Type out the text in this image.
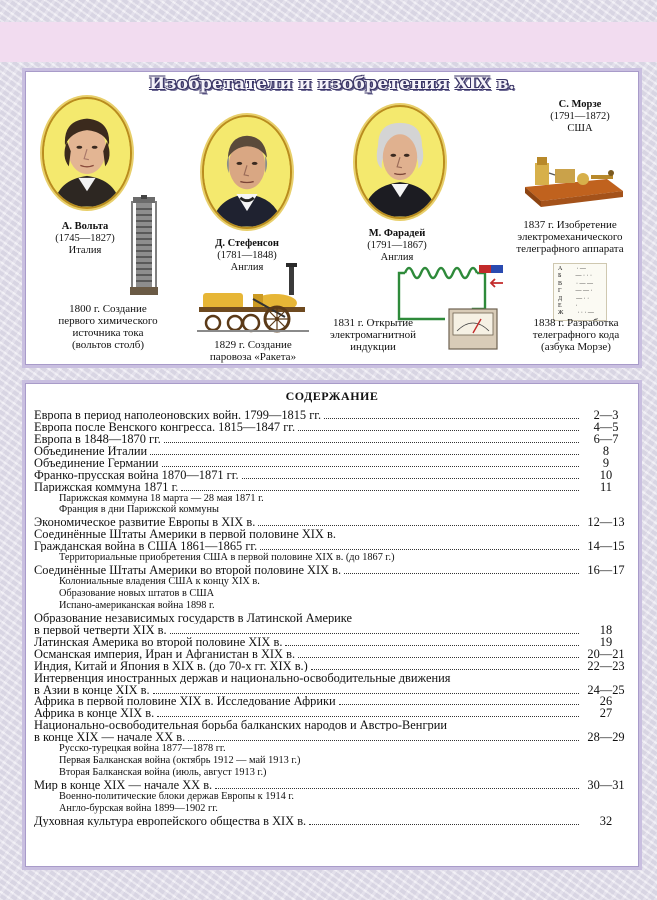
Изобретатели и изобретения XIX в.
А. Вольта
(1745—1827)
Италия
1800 г. Создание
первого химического
источника тока
(вольтов столб)
Д. Стефенсон
(1781—1848)
Англия
1829 г. Создание
паровоза «Ракета»
М. Фарадей
(1791—1867)
Англия
1831 г. Открытие
электромагнитной
индукции
С. Морзе
(1791—1872)
США
1837 г. Изобретение
электромеханического
телеграфного аппарата
А · —
Б — · · ·
В · — —
Г — — ·
Д — · ·
Е ·
Ж · · · —
1838 г. Разработка
телеграфного кода
(азбука Морзе)
СОДЕРЖАНИЕ
Европа в период наполеоновских войн. 1799—1815 гг.	2—3
Европа после Венского конгресса. 1815—1847 гг.	4—5
Европа в 1848—1870 гг.	6—7
Объединение Италии	8
Объединение Германии	9
Франко-прусская война 1870—1871 гг.	10
Парижская коммуна 1871 г.	11
Парижская коммуна 18 марта — 28 мая 1871 г.
Франция в дни Парижской коммуны
Экономическое развитие Европы в XIX в.	12—13
Соединённые Штаты Америки в первой половине XIX в.
Гражданская война в США 1861—1865 гг.	14—15
Территориальные приобретения США в первой половине XIX в. (до 1867 г.)
Соединённые Штаты Америки во второй половине XIX в.	16—17
Колониальные владения США к концу XIX в.
Образование новых штатов в США
Испано-американская война 1898 г.
Образование независимых государств в Латинской Америке
в первой четверти XIX в.	18
Латинская Америка во второй половине XIX в.	19
Османская империя, Иран и Афганистан в XIX в.	20—21
Индия, Китай и Япония в XIX в. (до 70-х гг. XIX в.)	22—23
Интервенция иностранных держав и национально-освободительные движения
в Азии в конце XIX в.	24—25
Африка в первой половине XIX в. Исследование Африки	26
Африка в конце XIX в.	27
Национально-освободительная борьба балканских народов и Австро-Венгрии
в конце XIX — начале XX в.	28—29
Русско-турецкая война 1877—1878 гг.
Первая Балканская война (октябрь 1912 — май 1913 г.)
Вторая Балканская война (июль, август 1913 г.)
Мир в конце XIX — начале XX в.	30—31
Военно-политические блоки держав Европы к 1914 г.
Англо-бурская война 1899—1902 гг.
Духовная культура европейского общества в XIX в.	32
